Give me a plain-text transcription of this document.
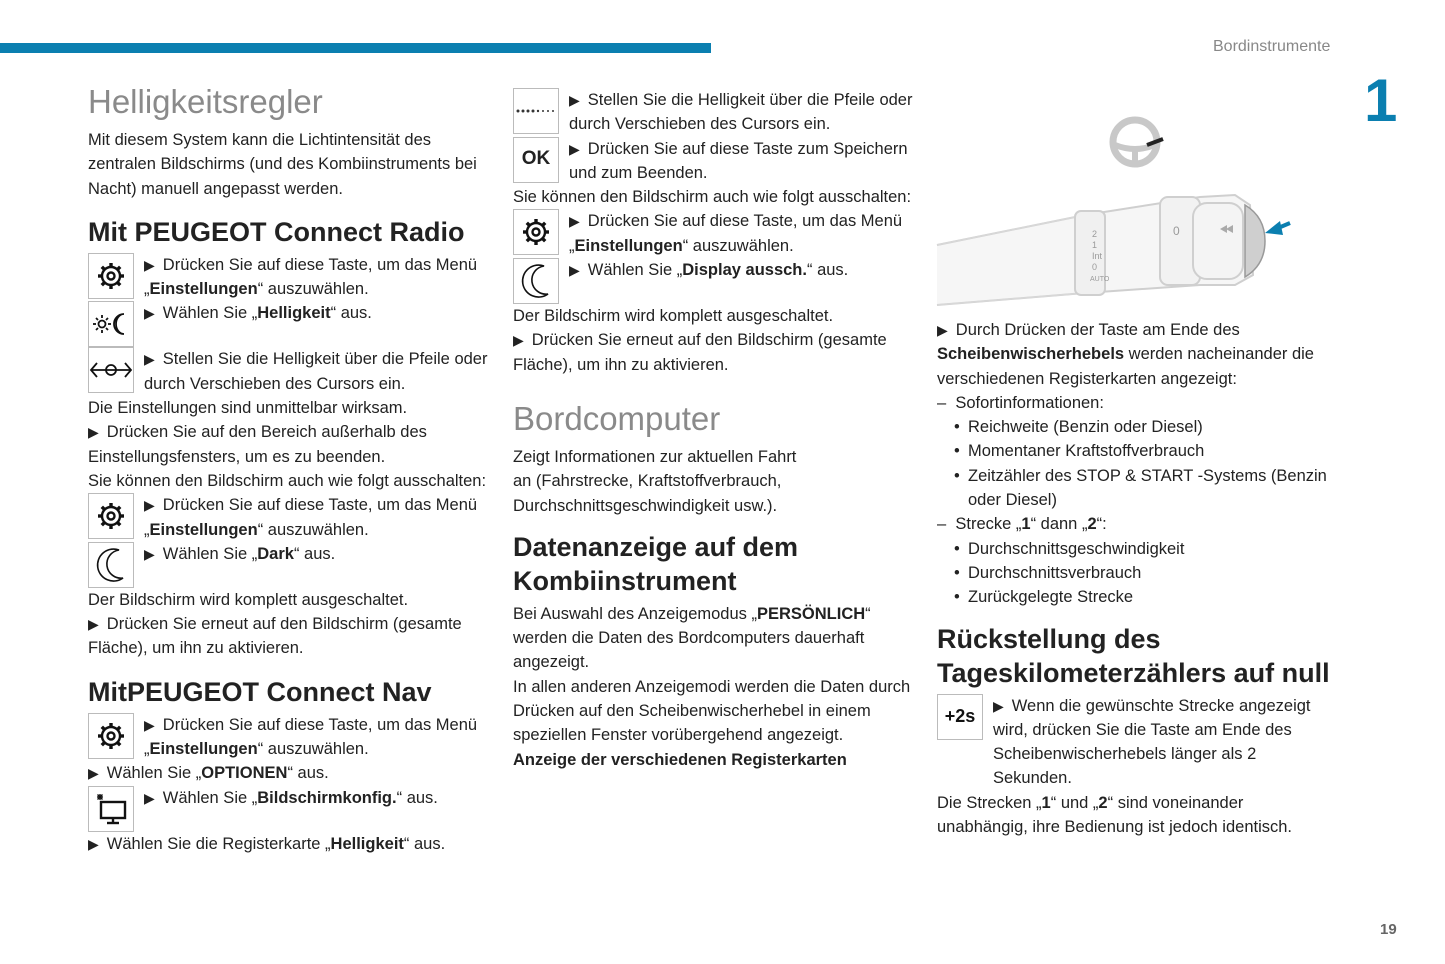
Bordinstrumente
1
19
Helligkeitsregler

Mit diesem System kann die Lichtintensität des zentralen Bildschirms (und des Kombiinstruments bei Nacht) manuell angepasst werden.

Mit PEUGEOT Connect Radio

▶ Drücken Sie auf diese Taste, um das Menü „Einstellungen“ auszuwählen.

▶ Wählen Sie „Helligkeit“ aus.

▶ Stellen Sie die Helligkeit über die Pfeile oder durch Verschieben des Cursors ein.

Die Einstellungen sind unmittelbar wirksam.

▶ Drücken Sie auf den Bereich außerhalb des Einstellungsfensters, um es zu beenden.

Sie können den Bildschirm auch wie folgt ausschalten:

▶ Drücken Sie auf diese Taste, um das Menü „Einstellungen“ auszuwählen.

▶ Wählen Sie „Dark“ aus.

Der Bildschirm wird komplett ausgeschaltet.

▶ Drücken Sie erneut auf den Bildschirm (gesamte Fläche), um ihn zu aktivieren.

MitPEUGEOT Connect Nav

▶ Drücken Sie auf diese Taste, um das Menü „Einstellungen“ auszuwählen.

▶ Wählen Sie „OPTIONEN“ aus.

▶ Wählen Sie „Bildschirmkonfig.“ aus.

▶ Wählen Sie die Registerkarte „Helligkeit“ aus.

▶ Stellen Sie die Helligkeit über die Pfeile oder durch Verschieben des Cursors ein.

OK	▶ Drücken Sie auf diese Taste zum Speichern und zum Beenden.

Sie können den Bildschirm auch wie folgt ausschalten:

▶ Drücken Sie auf diese Taste, um das Menü „Einstellungen“ auszuwählen.

▶ Wählen Sie „Display aussch.“ aus.

Der Bildschirm wird komplett ausgeschaltet.

▶ Drücken Sie erneut auf den Bildschirm (gesamte Fläche), um ihn zu aktivieren.

Bordcomputer

Zeigt Informationen zur aktuellen Fahrt an (Fahrstrecke, Kraftstoffverbrauch, Durchschnittsgeschwindigkeit usw.).

Datenanzeige auf dem Kombiinstrument

Bei Auswahl des Anzeigemodus „PERSÖNLICH“ werden die Daten des Bordcomputers dauerhaft angezeigt.

In allen anderen Anzeigemodi werden die Daten durch Drücken auf den Scheibenwischerhebel in einem speziellen Fenster vorübergehend angezeigt.

Anzeige der verschiedenen Registerkarten

2
1
Int
0
AUTO
0

▶ Durch Drücken der Taste am Ende des Scheibenwischerhebels werden nacheinander die verschiedenen Registerkarten angezeigt:

–  Sofortinformationen:

• Reichweite (Benzin oder Diesel)
• Momentaner Kraftstoffverbrauch
• Zeitzähler des STOP & START -Systems (Benzin oder Diesel)

–  Strecke „1“ dann „2“:

• Durchschnittsgeschwindigkeit
• Durchschnittsverbrauch
• Zurückgelegte Strecke
Rückstellung des Tageskilometerzählers auf null
+2s

▶ Wenn die gewünschte Strecke angezeigt wird, drücken Sie die Taste am Ende des Scheibenwischerhebels länger als 2 Sekunden.

Die Strecken „1“ und „2“ sind voneinander unabhängig, ihre Bedienung ist jedoch identisch.
